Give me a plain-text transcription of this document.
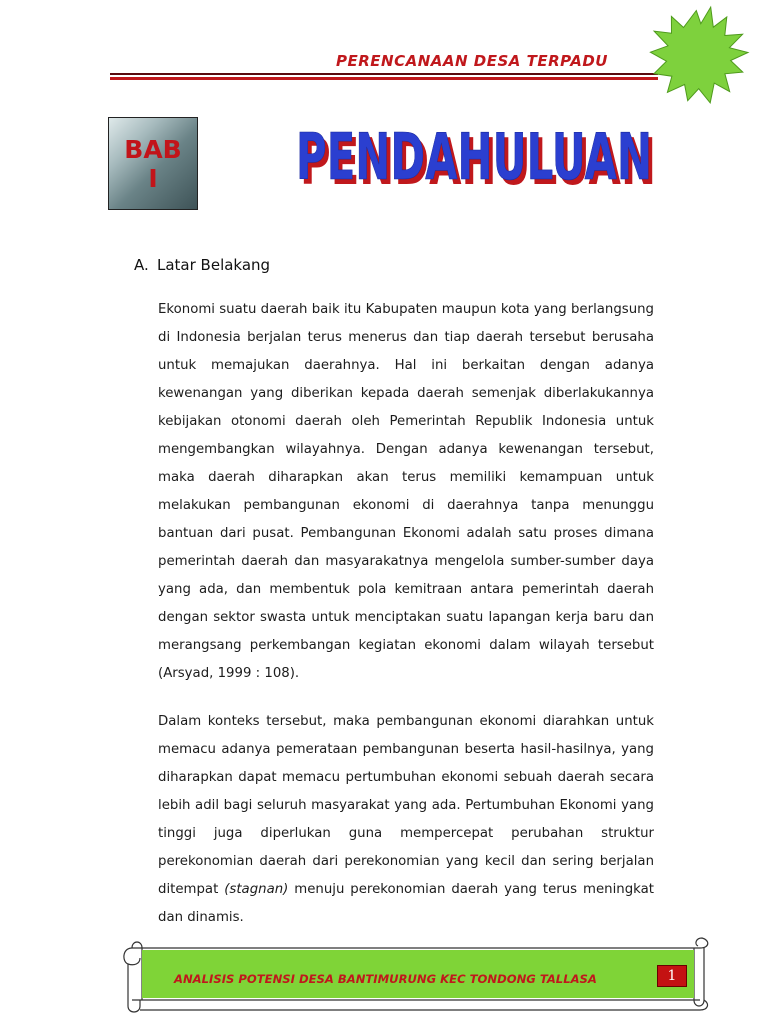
PERENCANAAN DESA TERPADU
BAB
I PENDAHULUAN
PENDAHULUAN
A. Latar Belakang

Ekonomi suatu daerah baik itu Kabupaten maupun kota yang berlangsung di Indonesia berjalan terus menerus dan tiap daerah tersebut berusaha untuk memajukan daerahnya. Hal ini berkaitan dengan adanya kewenangan yang diberikan kepada daerah semenjak diberlakukannya kebijakan otonomi daerah oleh Pemerintah Republik Indonesia untuk mengembangkan wilayahnya. Dengan adanya kewenangan tersebut, maka daerah diharapkan akan terus memiliki kemampuan untuk melakukan pembangunan ekonomi di daerahnya tanpa menunggu bantuan dari pusat. Pembangunan Ekonomi adalah satu proses dimana pemerintah daerah dan masyarakatnya mengelola sumber-sumber daya yang ada, dan membentuk pola kemitraan antara pemerintah daerah dengan sektor swasta untuk menciptakan suatu lapangan kerja baru dan merangsang perkembangan kegiatan ekonomi dalam wilayah tersebut (Arsyad, 1999 : 108).

Dalam konteks tersebut, maka pembangunan ekonomi diarahkan untuk memacu adanya pemerataan pembangunan beserta hasil-hasilnya, yang diharapkan dapat memacu pertumbuhan ekonomi sebuah daerah secara lebih adil bagi seluruh masyarakat yang ada. Pertumbuhan Ekonomi yang tinggi juga diperlukan guna mempercepat perubahan struktur perekonomian daerah dari perekonomian yang kecil dan sering berjalan ditempat (stagnan) menuju perekonomian daerah yang terus meningkat dan dinamis.

ANALISIS POTENSI DESA BANTIMURUNG KEC TONDONG TALLASA	1
